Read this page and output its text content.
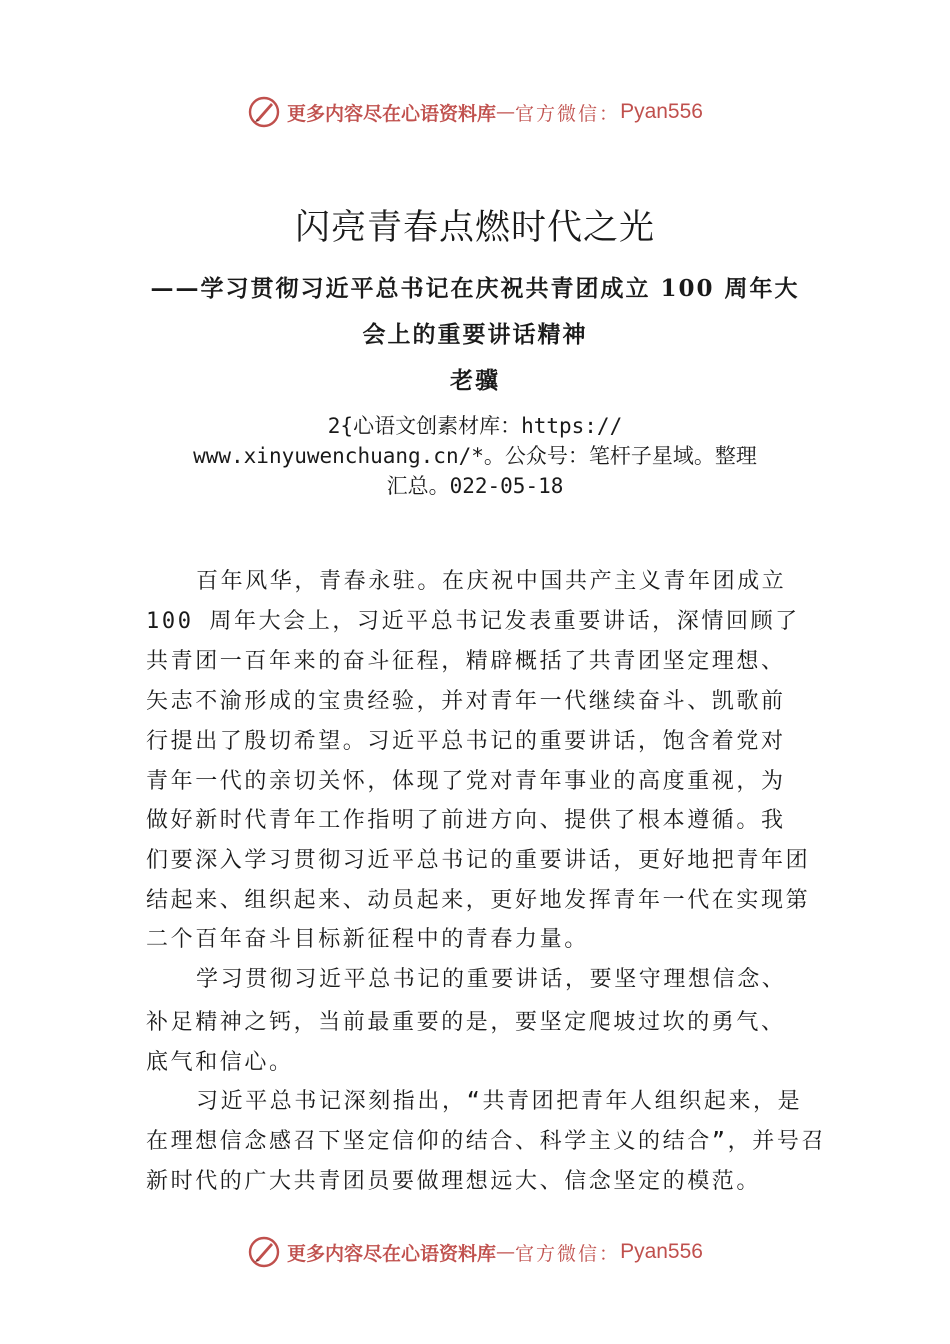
更多内容尽在心语资料库 — 官方微信： Pyan556
闪亮青春点燃时代之光
——学习贯彻习近平总书记在庆祝共青团成立 100 周年大
会上的重要讲话精神
老骥
2{心语文创素材库：https://
www.xinyuwenchuang.cn/*。公众号：笔杆子星域。整理
汇总。022-05-18
百年风华，青春永驻。在庆祝中国共产主义青年团成立
100 周年大会上，习近平总书记发表重要讲话，深情回顾了
共青团一百年来的奋斗征程，精辟概括了共青团坚定理想、
矢志不渝形成的宝贵经验，并对青年一代继续奋斗、凯歌前
行提出了殷切希望。习近平总书记的重要讲话，饱含着党对
青年一代的亲切关怀，体现了党对青年事业的高度重视，为
做好新时代青年工作指明了前进方向、提供了根本遵循。我
们要深入学习贯彻习近平总书记的重要讲话，更好地把青年团
结起来、组织起来、动员起来，更好地发挥青年一代在实现第
二个百年奋斗目标新征程中的青春力量。
学习贯彻习近平总书记的重要讲话，要坚守理想信念、
补足精神之钙，当前最重要的是，要坚定爬坡过坎的勇气、
底气和信心。
习近平总书记深刻指出，“共青团把青年人组织起来，是
在理想信念感召下坚定信仰的结合、科学主义的结合”，并号召
新时代的广大共青团员要做理想远大、信念坚定的模范。
更多内容尽在心语资料库 — 官方微信： Pyan556
